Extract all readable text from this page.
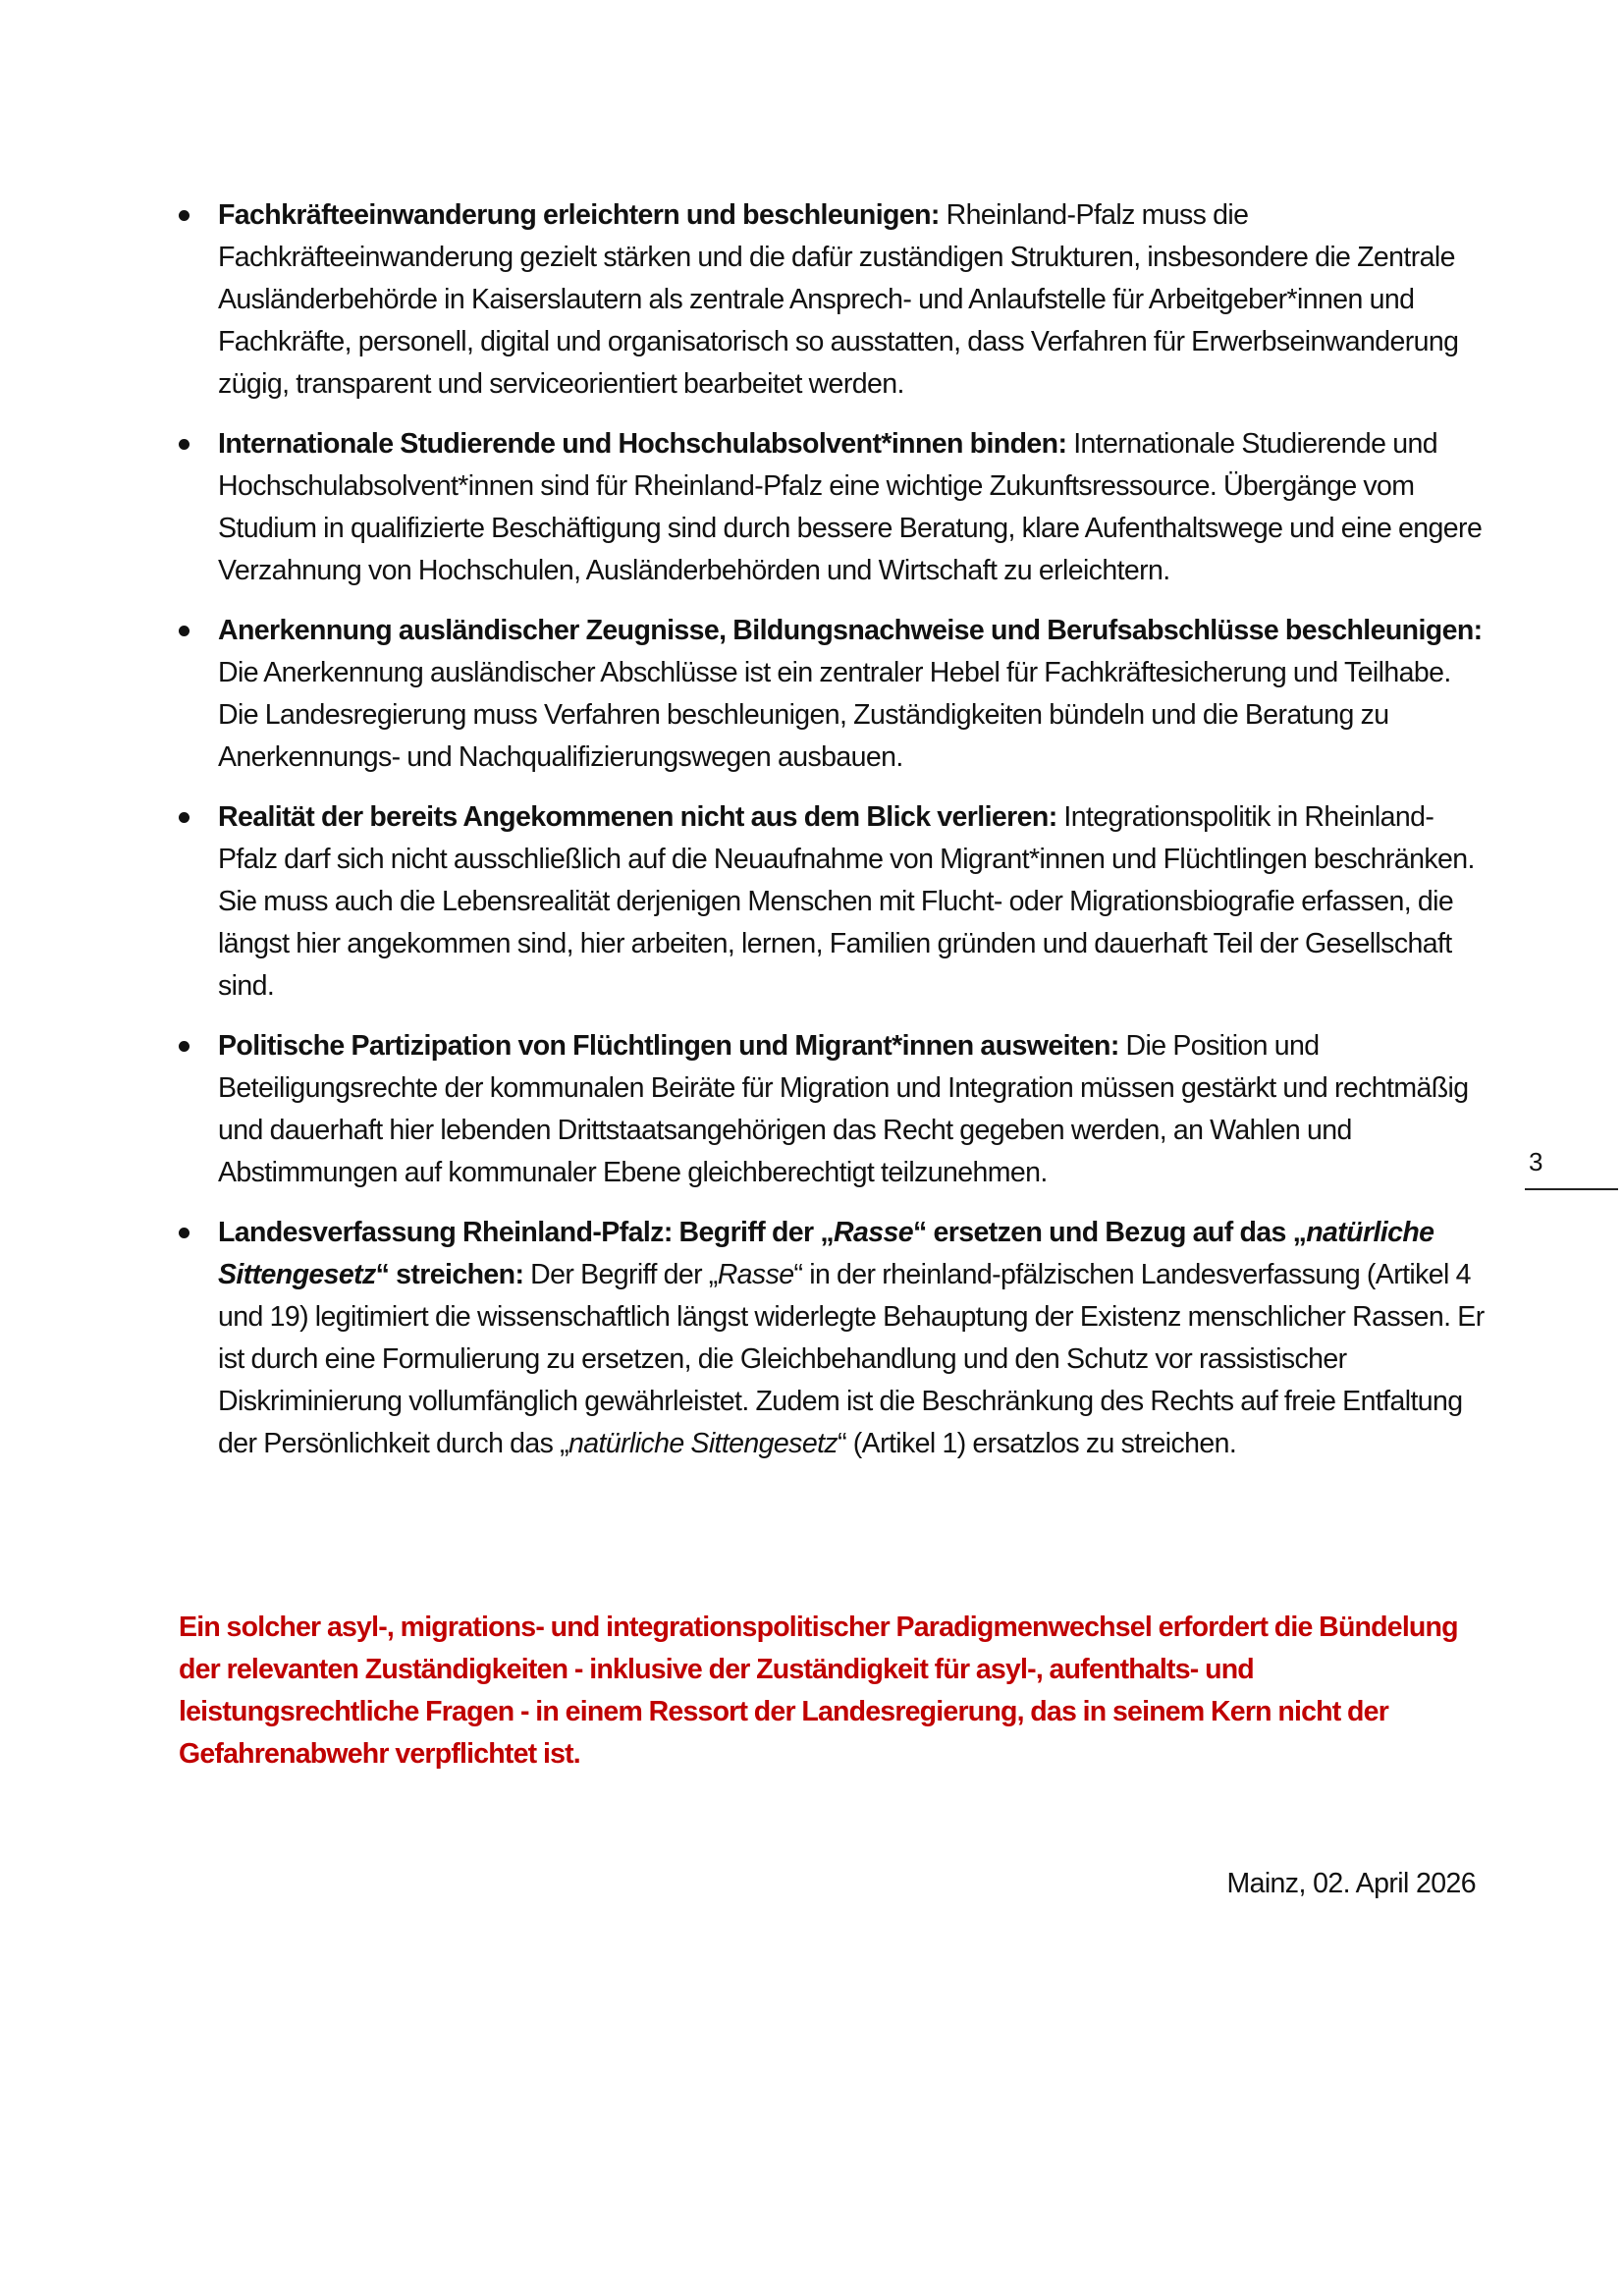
Fachkräfteeinwanderung erleichtern und beschleunigen: Rheinland-Pfalz muss die Fachkräfteeinwanderung gezielt stärken und die dafür zuständigen Strukturen, insbesondere die Zentrale Ausländerbehörde in Kaiserslautern als zentrale Ansprech- und Anlaufstelle für Arbeitgeber*innen und Fachkräfte, personell, digital und organisatorisch so ausstatten, dass Verfahren für Erwerbseinwanderung zügig, transparent und serviceorientiert bearbeitet werden.
Internationale Studierende und Hochschulabsolvent*innen binden: Internationale Studierende und Hochschulabsolvent*innen sind für Rheinland-Pfalz eine wichtige Zukunftsressource. Übergänge vom Studium in qualifizierte Beschäftigung sind durch bessere Beratung, klare Aufenthaltswege und eine engere Verzahnung von Hochschulen, Ausländerbehörden und Wirtschaft zu erleichtern.
Anerkennung ausländischer Zeugnisse, Bildungsnachweise und Berufsabschlüsse beschleunigen: Die Anerkennung ausländischer Abschlüsse ist ein zentraler Hebel für Fachkräftesicherung und Teilhabe. Die Landesregierung muss Verfahren beschleunigen, Zuständigkeiten bündeln und die Beratung zu Anerkennungs- und Nachqualifizierungswegen ausbauen.
Realität der bereits Angekommenen nicht aus dem Blick verlieren: Integrationspolitik in Rheinland-Pfalz darf sich nicht ausschließlich auf die Neuaufnahme von Migrant*innen und Flüchtlingen beschränken. Sie muss auch die Lebensrealität derjenigen Menschen mit Flucht- oder Migrationsbiografie erfassen, die längst hier angekommen sind, hier arbeiten, lernen, Familien gründen und dauerhaft Teil der Gesellschaft sind.
Politische Partizipation von Flüchtlingen und Migrant*innen ausweiten: Die Position und Beteiligungsrechte der kommunalen Beiräte für Migration und Integration müssen gestärkt und rechtmäßig und dauerhaft hier lebenden Drittstaatsangehörigen das Recht gegeben werden, an Wahlen und Abstimmungen auf kommunaler Ebene gleichberechtigt teilzunehmen.
Landesverfassung Rheinland-Pfalz: Begriff der „Rasse“ ersetzen und Bezug auf das „natürliche Sittengesetz“ streichen: Der Begriff der „Rasse“ in der rheinland-pfälzischen Landesverfassung (Artikel 4 und 19) legitimiert die wissenschaftlich längst widerlegte Behauptung der Existenz menschlicher Rassen. Er ist durch eine Formulierung zu ersetzen, die Gleichbehandlung und den Schutz vor rassistischer Diskriminierung vollumfänglich gewährleistet. Zudem ist die Beschränkung des Rechts auf freie Entfaltung der Persönlichkeit durch das „natürliche Sittengesetz“ (Artikel 1) ersatzlos zu streichen.
3

Ein solcher asyl-, migrations- und integrationspolitischer Paradigmenwechsel erfordert die Bündelung der relevanten Zuständigkeiten - inklusive der Zuständigkeit für asyl-, aufenthalts- und leistungsrechtliche Fragen - in einem Ressort der Landesregierung, das in seinem Kern nicht der Gefahrenabwehr verpflichtet ist.

Mainz, 02. April 2026
